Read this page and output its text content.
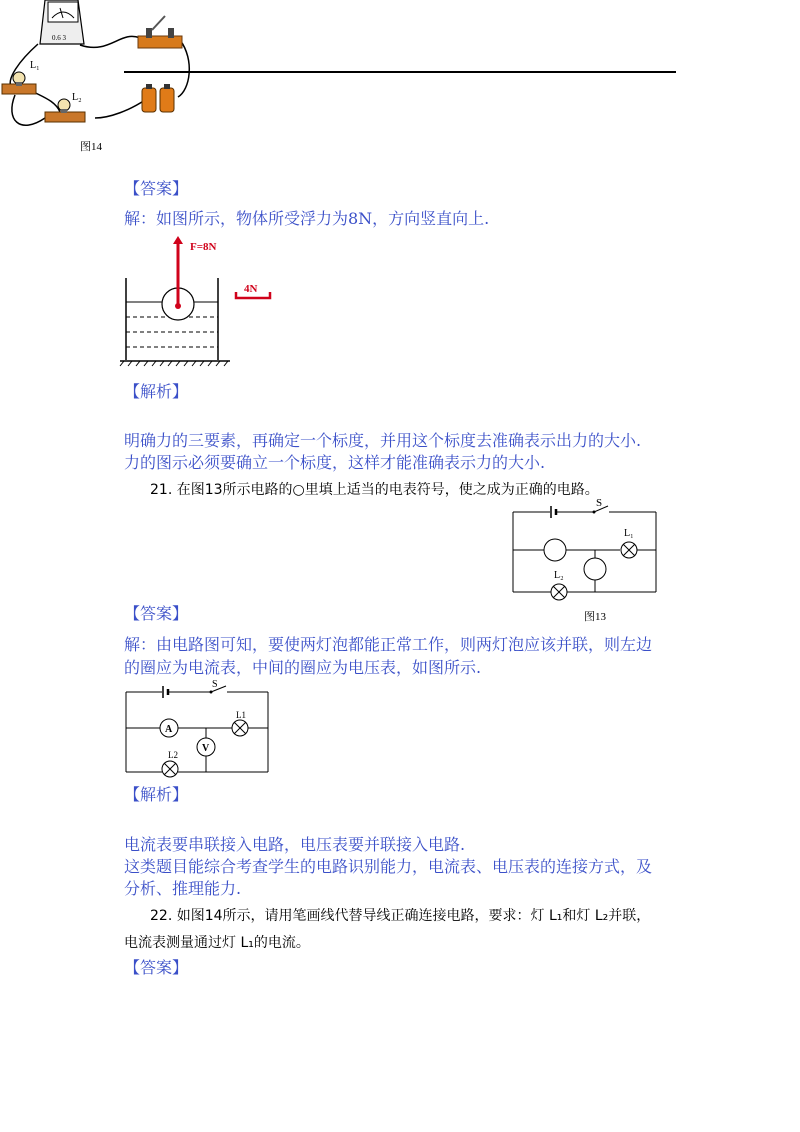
0.6 3
L₁
L₂
图14
【答案】
解：如图所示，物体所受浮力为8N，方向竖直向上.
F=8N
4N
【解析】
明确力的三要素，再确定一个标度，并用这个标度去准确表示出力的大小.
力的图示必须要确立一个标度，这样才能准确表示力的大小.
21. 在图13所示电路的○里填上适当的电表符号，使之成为正确的电路。
S
L₁
L₂
图13
【答案】
解：由电路图可知，要使两灯泡都能正常工作，则两灯泡应该并联，则左边
的圈应为电流表，中间的圈应为电压表，如图所示.
S
A
L1
V
L2
【解析】
电流表要串联接入电路，电压表要并联接入电路.
这类题目能综合考查学生的电路识别能力，电流表、电压表的连接方式，及
分析、推理能力.
22. 如图14所示，请用笔画线代替导线正确连接电路，要求：灯 L₁和灯 L₂并联，
电流表测量通过灯 L₁的电流。
【答案】
